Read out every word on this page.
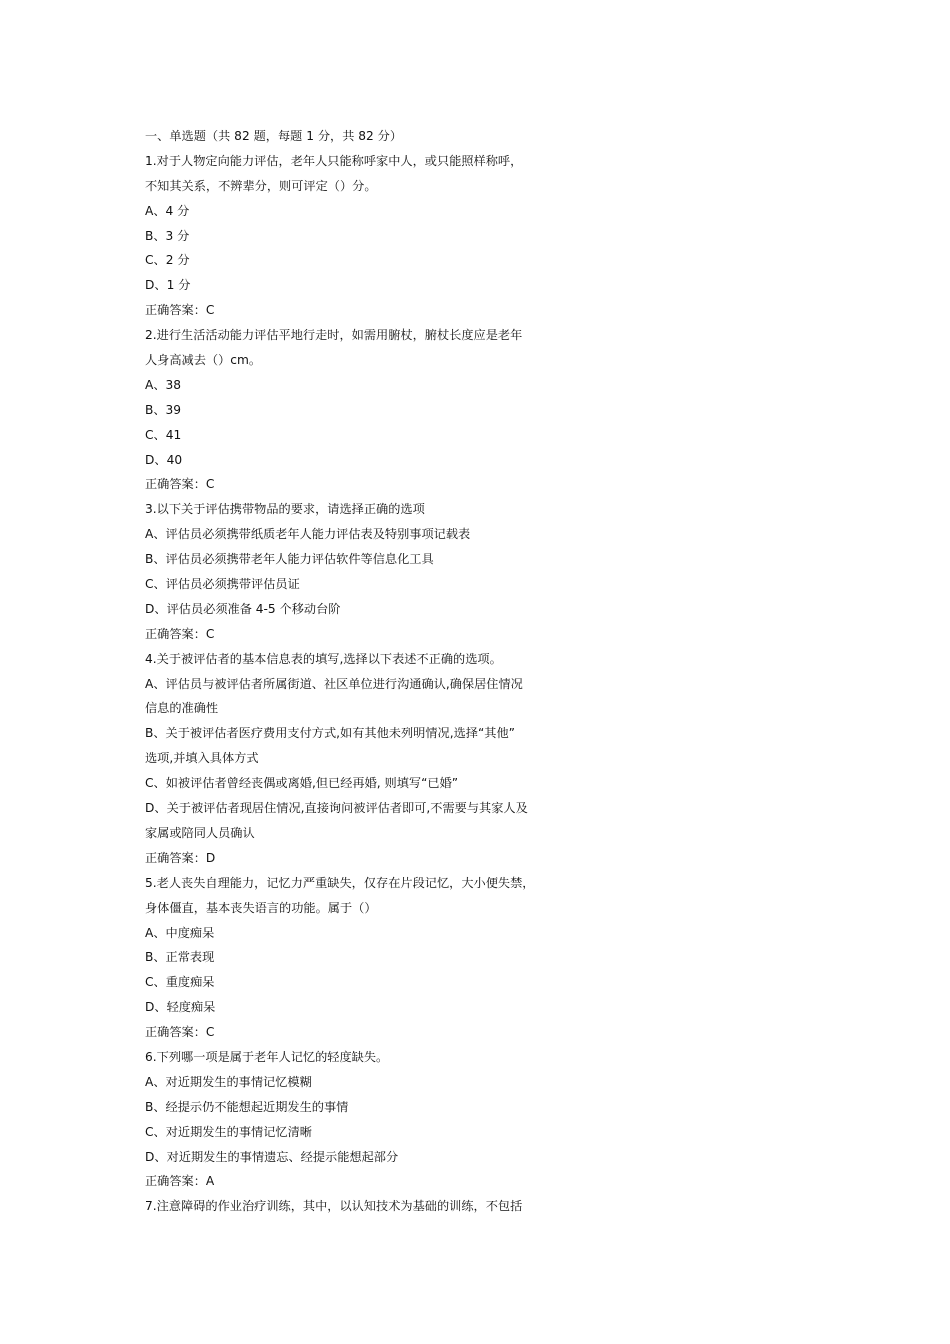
一、单选题（共 82 题，每题 1 分，共 82 分）

1.对于人物定向能力评估，老年人只能称呼家中人，或只能照样称呼，

不知其关系，不辨辈分，则可评定（）分。

A、4 分

B、3 分

C、2 分

D、1 分

正确答案：C

2.进行生活活动能力评估平地行走时，如需用腑杖，腑杖长度应是老年

人身高减去（）cm。

A、38

B、39

C、41

D、40

正确答案：C

3.以下关于评估携带物品的要求，请选择正确的选项

A、评估员必须携带纸质老年人能力评估表及特别事项记载表

B、评估员必须携带老年人能力评估软件等信息化工具

C、评估员必须携带评估员证

D、评估员必须准备 4-5 个移动台阶

正确答案：C

4.关于被评估者的基本信息表的填写,选择以下表述不正确的选项。

A、评估员与被评估者所属街道、社区单位进行沟通确认,确保居住情况

信息的准确性

B、关于被评估者医疗费用支付方式,如有其他未列明情况,选择“其他”

选项,并填入具体方式

C、如被评估者曾经丧偶或离婚,但已经再婚, 则填写“已婚”

D、关于被评估者现居住情况,直接询问被评估者即可,不需要与其家人及

家属或陪同人员确认

正确答案：D

5.老人丧失自理能力，记忆力严重缺失，仅存在片段记忆，大小便失禁，

身体僵直，基本丧失语言的功能。属于（）

A、中度痴呆

B、正常表现

C、重度痴呆

D、轻度痴呆

正确答案：C

6.下列哪一项是属于老年人记忆的轻度缺失。

A、对近期发生的事情记忆模糊

B、经提示仍不能想起近期发生的事情

C、对近期发生的事情记忆清晰

D、对近期发生的事情遗忘、经提示能想起部分

正确答案：A

7.注意障碍的作业治疗训练，其中，以认知技术为基础的训练，不包括
